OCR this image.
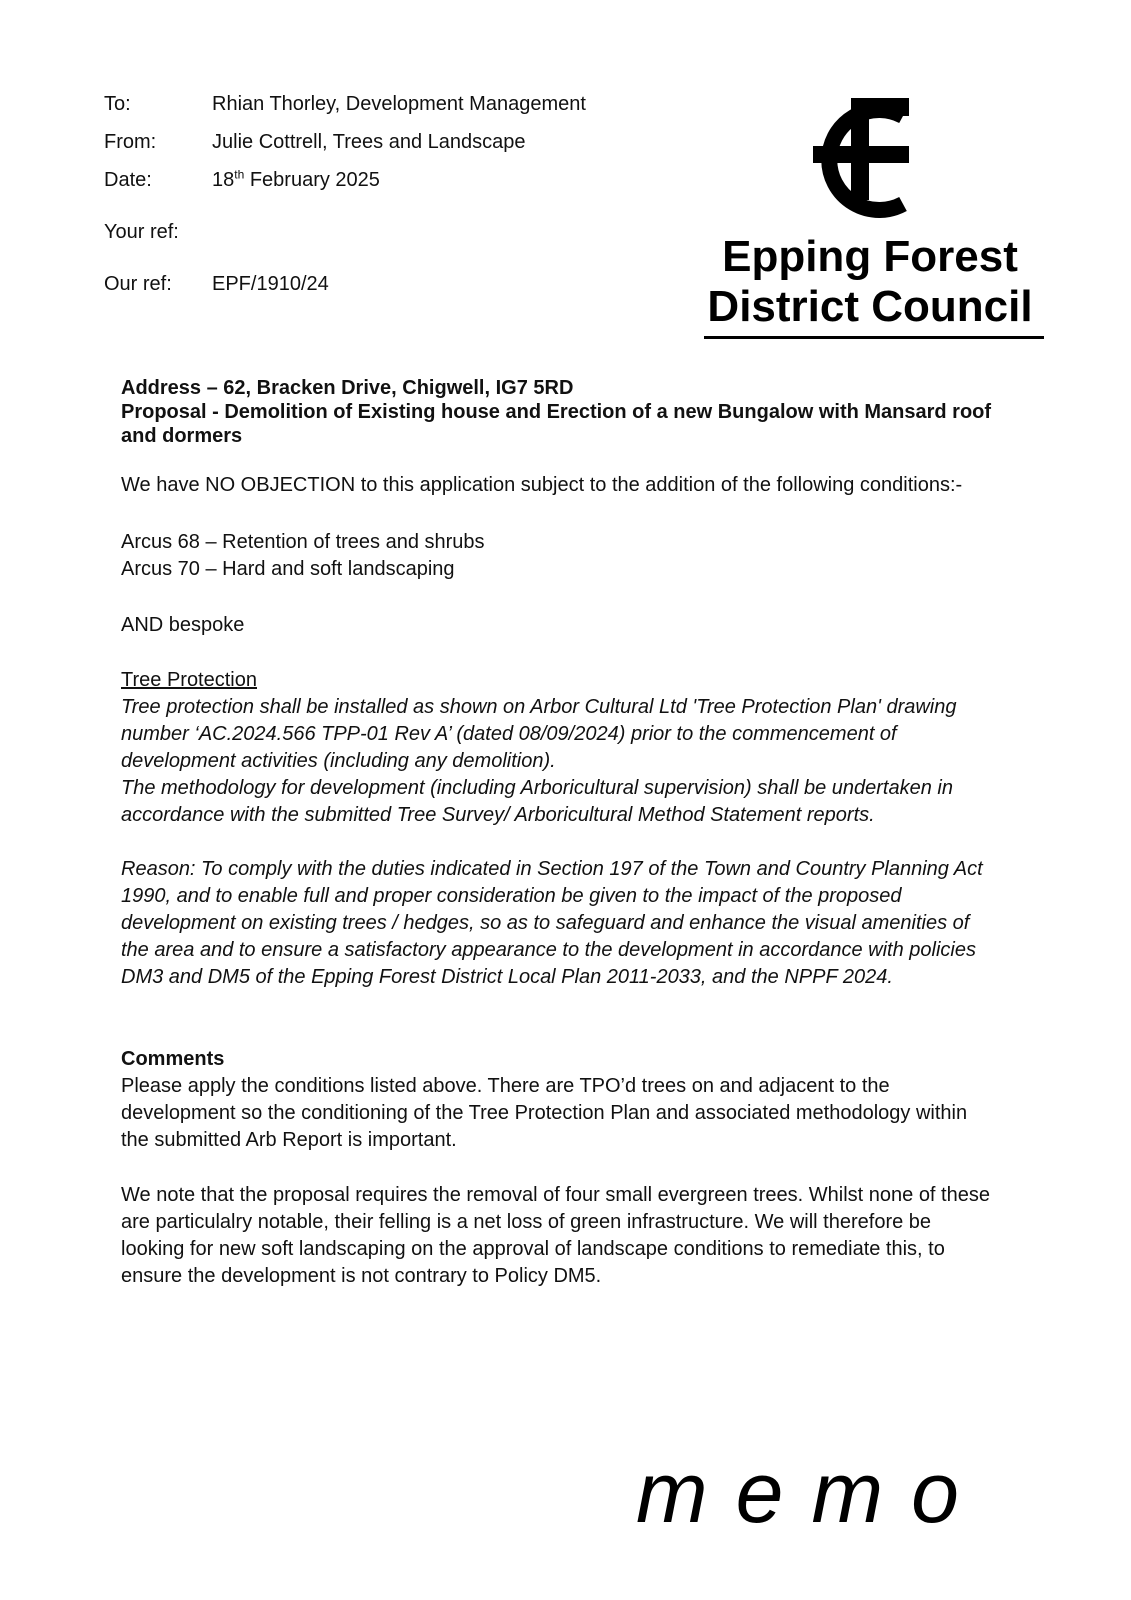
To:	Rhian Thorley, Development Management
From:	Julie Cottrell, Trees and Landscape
Date:	18th February 2025
Your ref:
Our ref: EPF/1910/24
Epping Forest
District Council

Address – 62, Bracken Drive, Chigwell, IG7 5RD

Proposal - Demolition of Existing house and Erection of a new Bungalow with Mansard roof and dormers

We have NO OBJECTION to this application subject to the addition of the following conditions:-

Arcus 68 – Retention of trees and shrubs

Arcus 70 – Hard and soft landscaping

AND bespoke

Tree Protection

Tree protection shall be installed as shown on Arbor Cultural Ltd 'Tree Protection Plan' drawing number ‘AC.2024.566 TPP-01 Rev A’ (dated 08/09/2024) prior to the commencement of development activities (including any demolition).

The methodology for development (including Arboricultural supervision) shall be undertaken in accordance with the submitted Tree Survey/ Arboricultural Method Statement reports.

Reason: To comply with the duties indicated in Section 197 of the Town and Country Planning Act 1990, and to enable full and proper consideration be given to the impact of the proposed development on existing trees / hedges, so as to safeguard and enhance the visual amenities of the area and to ensure a satisfactory appearance to the development in accordance with policies DM3 and DM5 of the Epping Forest District Local Plan 2011-2033, and the NPPF 2024.

Comments

Please apply the conditions listed above. There are TPO’d trees on and adjacent to the development so the conditioning of the Tree Protection Plan and associated methodology within the submitted Arb Report is important.

We note that the proposal requires the removal of four small evergreen trees. Whilst none of these are particulalry notable, their felling is a net loss of green infrastructure. We will therefore be looking for new soft landscaping on the approval of landscape conditions to remediate this, to ensure the development is not contrary to Policy DM5.
memo
